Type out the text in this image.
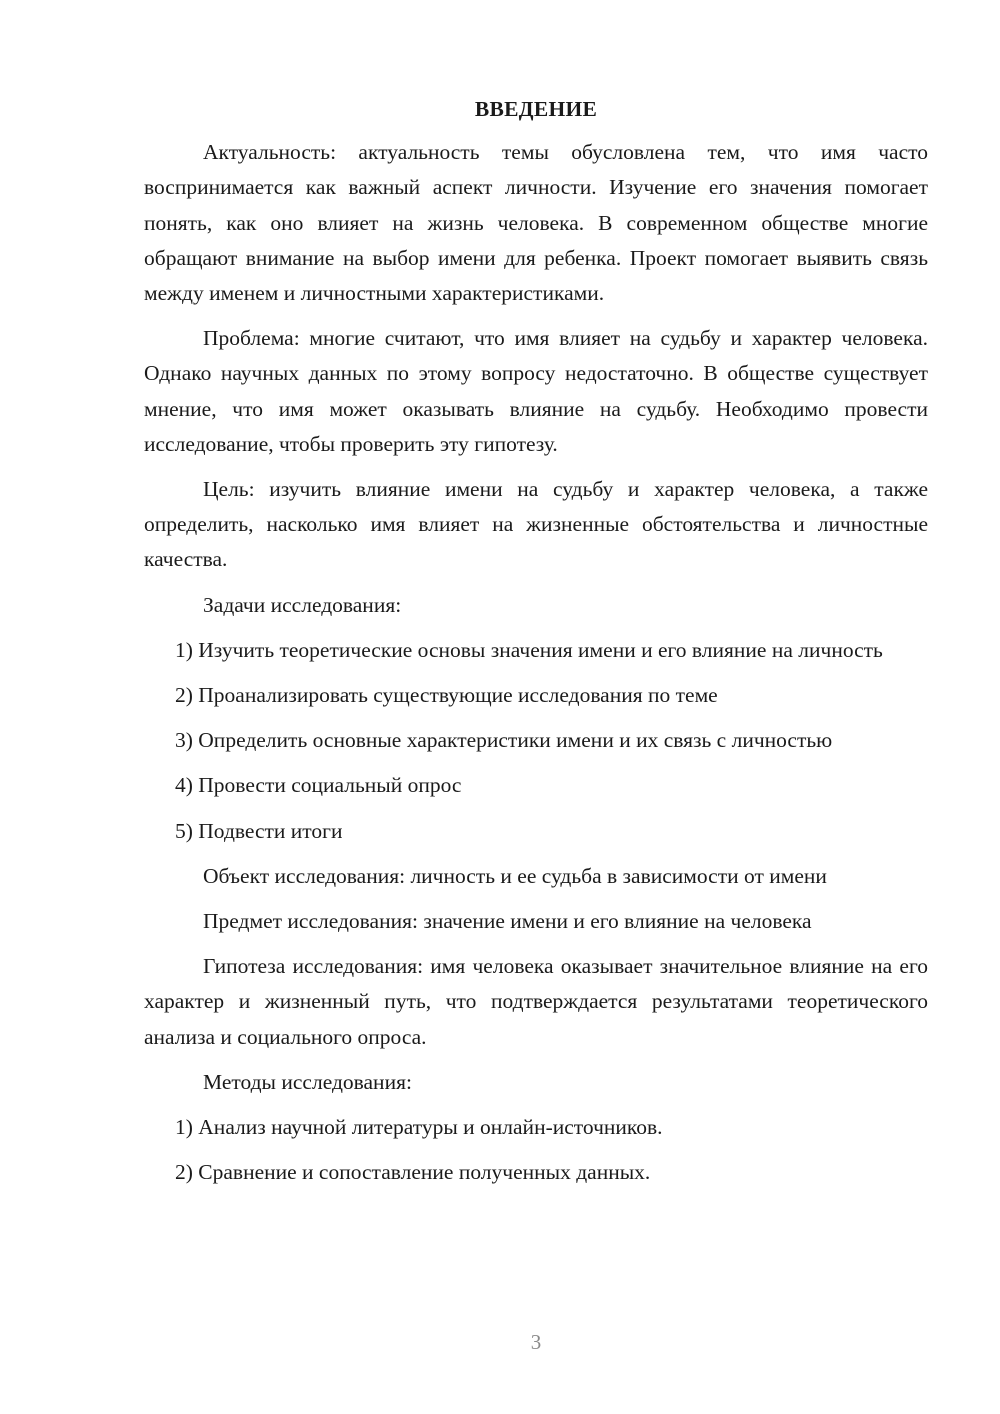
ВВЕДЕНИЕ

Актуальность: актуальность темы обусловлена тем, что имя часто воспринимается как важный аспект личности. Изучение его значения помогает понять, как оно влияет на жизнь человека. В современном обществе многие обращают внимание на выбор имени для ребенка. Проект помогает выявить связь между именем и личностными характеристиками.

Проблема: многие считают, что имя влияет на судьбу и характер человека. Однако научных данных по этому вопросу недостаточно. В обществе существует мнение, что имя может оказывать влияние на судьбу. Необходимо провести исследование, чтобы проверить эту гипотезу.

Цель: изучить влияние имени на судьбу и характер человека, а также определить, насколько имя влияет на жизненные обстоятельства и личностные качества.

Задачи исследования:

1) Изучить теоретические основы значения имени и его влияние на личность

2) Проанализировать существующие исследования по теме

3) Определить основные характеристики имени и их связь с личностью

4) Провести социальный опрос

5) Подвести итоги

Объект исследования: личность и ее судьба в зависимости от имени

Предмет исследования: значение имени и его влияние на человека

Гипотеза исследования: имя человека оказывает значительное влияние на его характер и жизненный путь, что подтверждается результатами теоретического анализа и социального опроса.

Методы исследования:

1) Анализ научной литературы и онлайн-источников.

2) Сравнение и сопоставление полученных данных.

3
